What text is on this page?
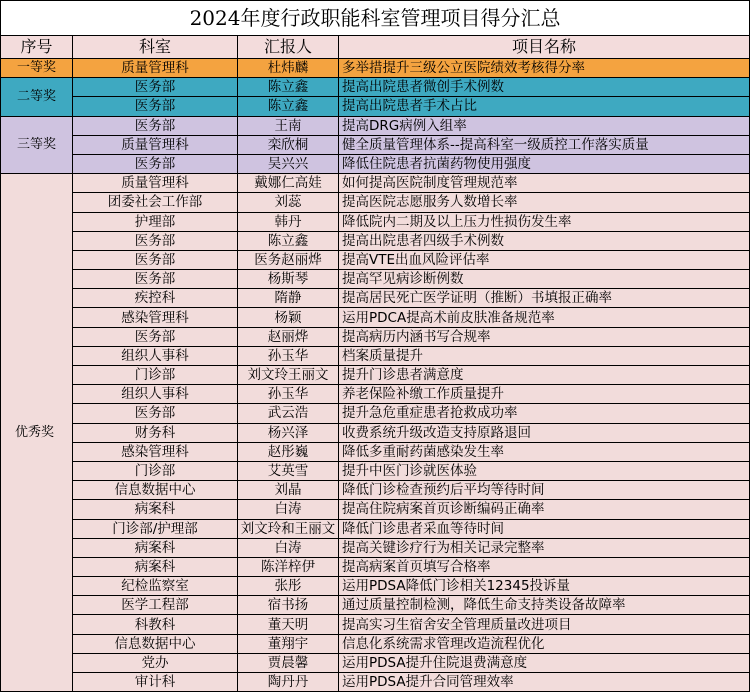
2024年度行政职能科室管理项目得分汇总			
序号	科室	汇报人	项目名称
一等奖	质量管理科	杜炜麟	多举措提升三级公立医院绩效考核得分率
二等奖	医务部	陈立鑫	提高出院患者微创手术例数
	医务部	陈立鑫	提高出院患者手术占比
三等奖	医务部	王南	提高DRG病例入组率
	质量管理科	栾欣桐	健全质量管理体系--提高科室一级质控工作落实质量
	医务部	吴兴兴	降低住院患者抗菌药物使用强度
优秀奖	质量管理科	戴娜仁高娃	如何提高医院制度管理规范率
	团委社会工作部	刘蕊	提高医院志愿服务人数增长率
	护理部	韩丹	降低院内二期及以上压力性损伤发生率
	医务部	陈立鑫	提高出院患者四级手术例数
	医务部	医务赵丽烨	提高VTE出血风险评估率
	医务部	杨斯琴	提高罕见病诊断例数
	疾控科	隋静	提高居民死亡医学证明（推断）书填报正确率
	感染管理科	杨颖	运用PDCA提高术前皮肤准备规范率
	医务部	赵丽烨	提高病历内涵书写合规率
	组织人事科	孙玉华	档案质量提升
	门诊部	刘文玲王丽文	提升门诊患者满意度
	组织人事科	孙玉华	养老保险补缴工作质量提升
	医务部	武云浩	提升急危重症患者抢救成功率
	财务科	杨兴泽	收费系统升级改造支持原路退回
	感染管理科	赵彤巍	降低多重耐药菌感染发生率
	门诊部	艾英雪	提升中医门诊就医体验
	信息数据中心	刘晶	降低门诊检查预约后平均等待时间
	病案科	白涛	提高住院病案首页诊断编码正确率
	门诊部/护理部	刘文玲和王丽文	降低门诊患者采血等待时间
	病案科	白涛	提高关键诊疗行为相关记录完整率
	病案科	陈洋梓伊	提高病案首页填写合格率
	纪检监察室	张彤	运用PDSA降低门诊相关12345投诉量
	医学工程部	宿书扬	通过质量控制检测，降低生命支持类设备故障率
	科教科	董天明	提高实习生宿舍安全管理质量改进项目
	信息数据中心	董翔宇	信息化系统需求管理改造流程优化
	党办	贾晨馨	运用PDSA提升住院退费满意度
	审计科	陶丹丹	运用PDSA提升合同管理效率
